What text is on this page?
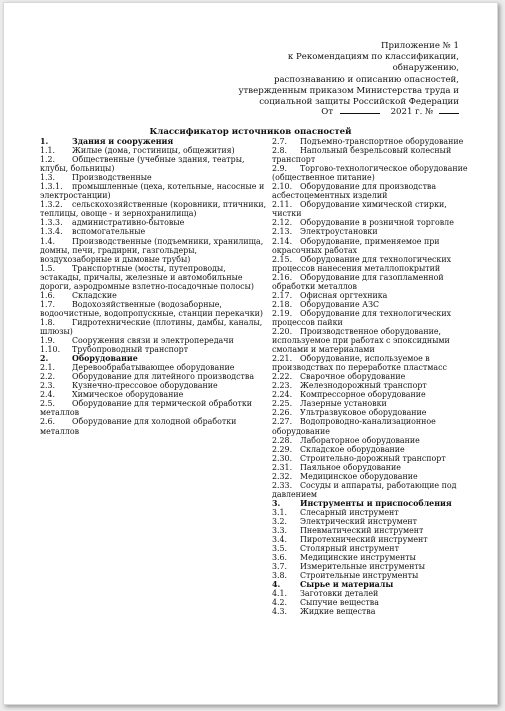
Приложение № 1
к Рекомендациям по классификации, обнаружению,
распознаванию и описанию опасностей,
утвержденным приказом Министерства труда и
социальной защиты Российской Федерации
От	2021 г. №
Классификатор источников опасностей
1.	Здания и сооружения
1.1. Жилые (дома, гостиницы, общежития)
1.2. Общественные (учебные здания, театры, клубы, больницы)
1.3. Производственные
1.3.1. промышленные (цеха, котельные, насосные и электростанции)
1.3.2. сельскохозяйственные (коровники, птичники, теплицы, овоще - и зернохранилища)
1.3.3. административно-бытовые
1.3.4. вспомогательные
1.4. Производственные (подъемники, хранилища, домны, печи, градирни, газгольдеры, воздухозаборные и дымовые трубы)
1.5. Транспортные (мосты, путепроводы, эстакады, причалы, железные и автомобильные дороги, аэродромные взлетно-посадочные полосы)
1.6. Складские
1.7. Водохозяйственные (водозаборные, водоочистные, водопропускные, станции перекачки)
1.8. Гидротехнические (плотины, дамбы, каналы, шлюзы)
1.9. Сооружения связи и электропередачи
1.10. Трубопроводный транспорт
2.	Оборудование
2.1. Деревообрабатывающее оборудование
2.2. Оборудование для литейного производства
2.3. Кузнечно-прессовое оборудование
2.4. Химическое оборудование
2.5. Оборудование для термической обработки металлов
2.6. Оборудование для холодной обработки металлов
2.7. Подъемно-транспортное оборудование
2.8. Напольный безрельсовый колесный транспорт
2.9. Торгово-технологическое оборудование (общественное питание)
2.10. Оборудование для производства асбестоцементных изделий
2.11. Оборудование химической стирки, чистки
2.12. Оборудование в розничной торговле
2.13. Электроустановки
2.14. Оборудование, применяемое при окрасочных работах
2.15. Оборудование для технологических процессов нанесения металлопокрытий
2.16. Оборудование для газопламенной обработки металлов
2.17. Офисная оргтехника
2.18. Оборудование АЗС
2.19. Оборудование для технологических процессов пайки
2.20. Производственное оборудование, используемое при работах с эпоксидными смолами и материалами
2.21. Оборудование, используемое в производствах по переработке пластмасс
2.22. Сварочное оборудование
2.23. Железнодорожный транспорт
2.24. Компрессорное оборудование
2.25. Лазерные установки
2.26. Ультразвуковое оборудование
2.27. Водопроводно-канализационное оборудование
2.28. Лабораторное оборудование
2.29. Складское оборудование
2.30. Строительно-дорожный транспорт
2.31. Паяльное оборудование
2.32. Медицинское оборудование
2.33. Сосуды и аппараты, работающие под давлением
3.	Инструменты и приспособления
3.1. Слесарный инструмент
3.2. Электрический инструмент
3.3. Пневматический инструмент
3.4. Пиротехнический инструмент
3.5. Столярный инструмент
3.6. Медицинские инструменты
3.7. Измерительные инструменты
3.8. Строительные инструменты
4.	Сырье и материалы
4.1. Заготовки деталей
4.2. Сыпучие вещества
4.3. Жидкие вещества
